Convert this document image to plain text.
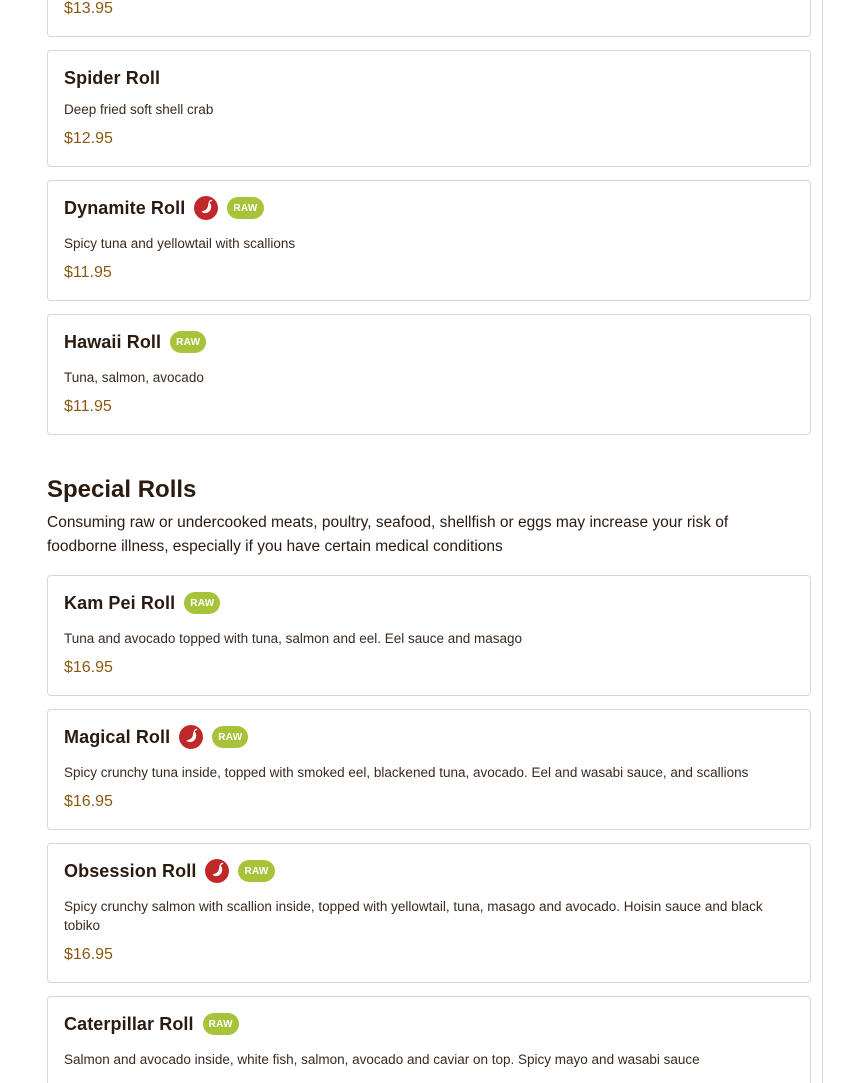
$13.95
Spider Roll
Deep fried soft shell crab
$12.95
Dynamite Roll	RAW
Spicy tuna and yellowtail with scallions
$11.95
Hawaii Roll	RAW
Tuna, salmon, avocado
$11.95
Special Rolls
Consuming raw or undercooked meats, poultry, seafood, shellfish or eggs may increase your risk of foodborne illness, especially if you have certain medical conditions
Kam Pei Roll	RAW
Tuna and avocado topped with tuna, salmon and eel. Eel sauce and masago
$16.95
Magical Roll	RAW
Spicy crunchy tuna inside, topped with smoked eel, blackened tuna, avocado. Eel and wasabi sauce, and scallions
$16.95
Obsession Roll	RAW
Spicy crunchy salmon with scallion inside, topped with yellowtail, tuna, masago and avocado. Hoisin sauce and black tobiko
$16.95
Caterpillar Roll	RAW
Salmon and avocado inside, white fish, salmon, avocado and caviar on top. Spicy mayo and wasabi sauce
